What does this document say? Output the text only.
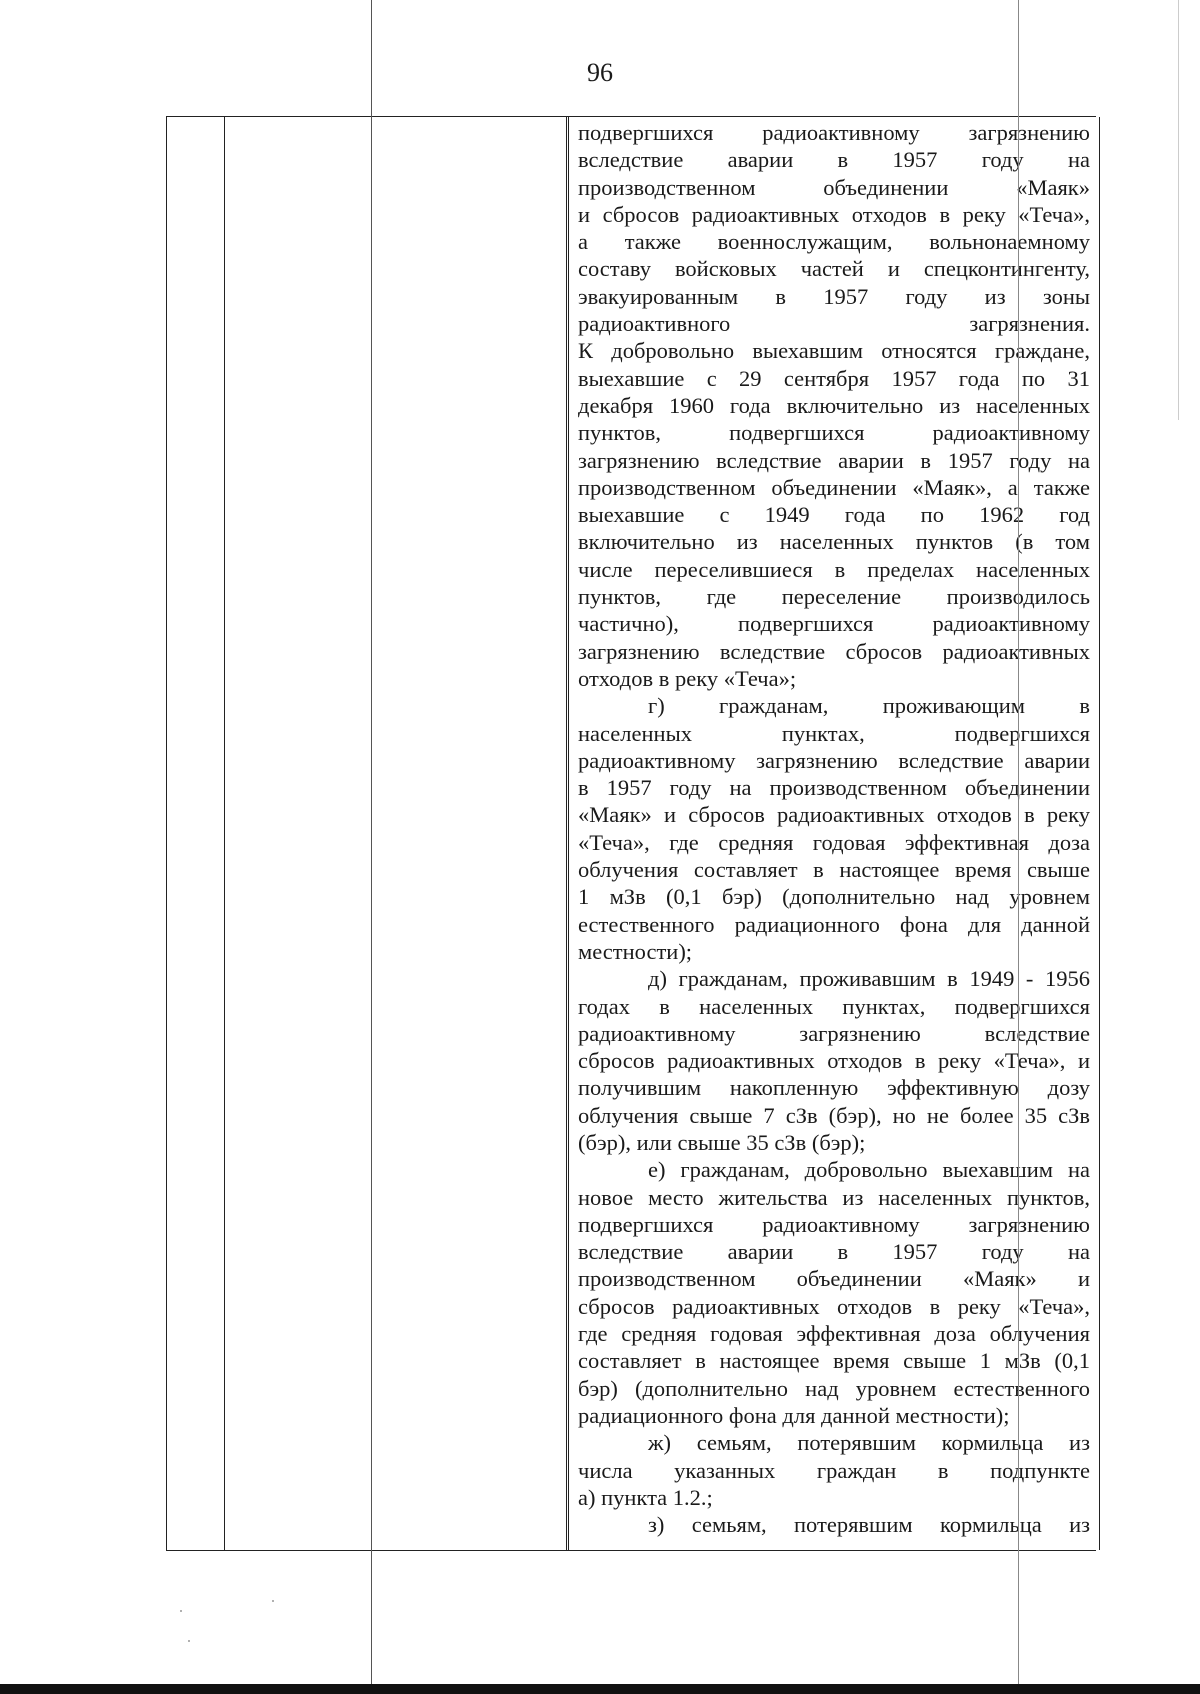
96
подвергшихся радиоактивному загрязнению
вследствие аварии в 1957 году на
производственном объединении «Маяк»
и сбросов радиоактивных отходов в реку «Теча»,
а также военнослужащим, вольнонаемному
составу войсковых частей и спецконтингенту,
эвакуированным в 1957 году из зоны
радиоактивного загрязнения.
К добровольно выехавшим относятся граждане,
выехавшие с 29 сентября 1957 года по 31
декабря 1960 года включительно из населенных
пунктов, подвергшихся радиоактивному
загрязнению вследствие аварии в 1957 году на
производственном объединении «Маяк», а также
выехавшие с 1949 года по 1962 год
включительно из населенных пунктов (в том
числе переселившиеся в пределах населенных
пунктов, где переселение производилось
частично), подвергшихся радиоактивному
загрязнению вследствие сбросов радиоактивных
отходов в реку «Теча»;
г) гражданам, проживающим в
населенных пунктах, подвергшихся
радиоактивному загрязнению вследствие аварии
в 1957 году на производственном объединении
«Маяк» и сбросов радиоактивных отходов в реку
«Теча», где средняя годовая эффективная доза
облучения составляет в настоящее время свыше
1 мЗв (0,1 бэр) (дополнительно над уровнем
естественного радиационного фона для данной
местности);
д) гражданам, проживавшим в 1949 - 1956
годах в населенных пунктах, подвергшихся
радиоактивному загрязнению вследствие
сбросов радиоактивных отходов в реку «Теча», и
получившим накопленную эффективную дозу
облучения свыше 7 сЗв (бэр), но не более 35 сЗв
(бэр), или свыше 35 сЗв (бэр);
е) гражданам, добровольно выехавшим на
новое место жительства из населенных пунктов,
подвергшихся радиоактивному загрязнению
вследствие аварии в 1957 году на
производственном объединении «Маяк» и
сбросов радиоактивных отходов в реку «Теча»,
где средняя годовая эффективная доза облучения
составляет в настоящее время свыше 1 мЗв (0,1
бэр) (дополнительно над уровнем естественного
радиационного фона для данной местности);
ж) семьям, потерявшим кормильца из
числа указанных граждан в подпункте
а) пункта 1.2.;
з) семьям, потерявшим кормильца из
